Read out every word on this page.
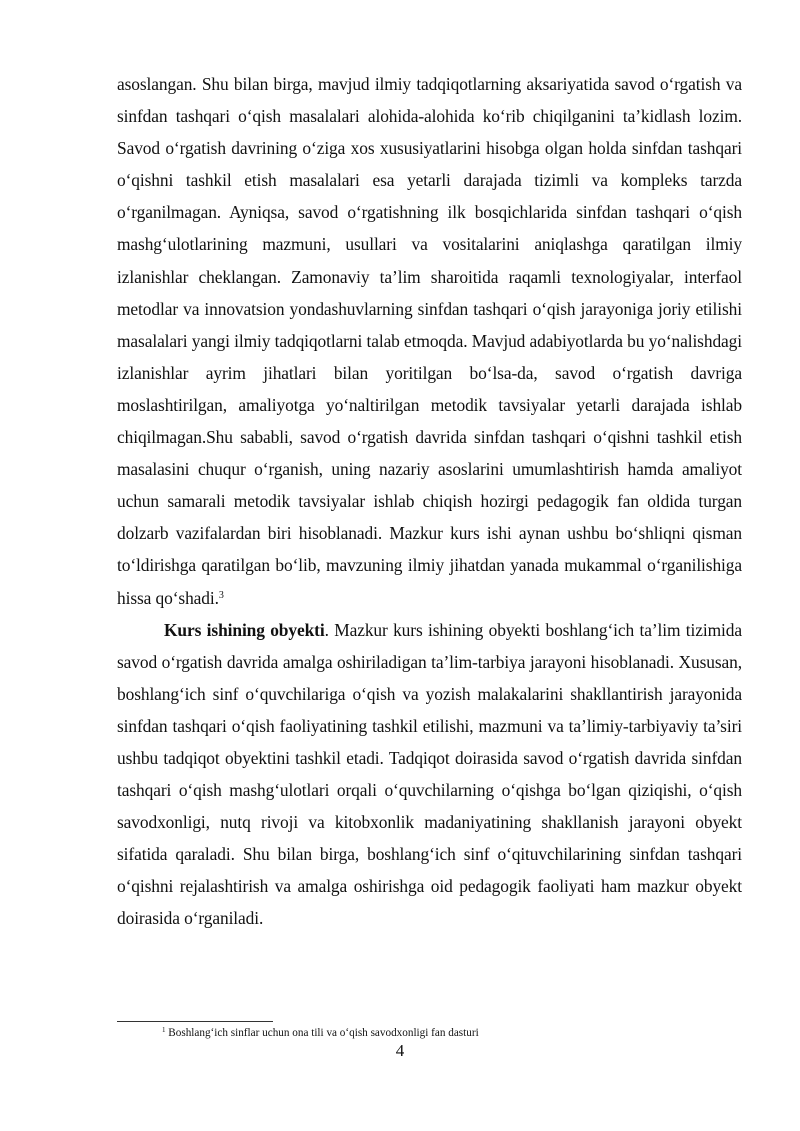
asoslangan. Shu bilan birga, mavjud ilmiy tadqiqotlarning aksariyatida savod oʻrgatish va sinfdan tashqari oʻqish masalalari alohida-alohida koʻrib chiqilganini ta’kidlash lozim. Savod oʻrgatish davrining oʻziga xos xususiyatlarini hisobga olgan holda sinfdan tashqari oʻqishni tashkil etish masalalari esa yetarli darajada tizimli va kompleks tarzda oʻrganilmagan. Ayniqsa, savod oʻrgatishning ilk bosqichlarida sinfdan tashqari oʻqish mashgʻulotlarining mazmuni, usullari va vositalarini aniqlashga qaratilgan ilmiy izlanishlar cheklangan. Zamonaviy ta’lim sharoitida raqamli texnologiyalar, interfaol metodlar va innovatsion yondashuvlarning sinfdan tashqari oʻqish jarayoniga joriy etilishi masalalari yangi ilmiy tadqiqotlarni talab etmoqda. Mavjud adabiyotlarda bu yoʻnalishdagi izlanishlar ayrim jihatlari bilan yoritilgan boʻlsa-da, savod oʻrgatish davriga moslashtirilgan, amaliyotga yoʻnaltirilgan metodik tavsiyalar yetarli darajada ishlab chiqilmagan.Shu sababli, savod oʻrgatish davrida sinfdan tashqari oʻqishni tashkil etish masalasini chuqur oʻrganish, uning nazariy asoslarini umumlashtirish hamda amaliyot uchun samarali metodik tavsiyalar ishlab chiqish hozirgi pedagogik fan oldida turgan dolzarb vazifalardan biri hisoblanadi. Mazkur kurs ishi aynan ushbu boʻshliqni qisman toʻldirishga qaratilgan boʻlib, mavzuning ilmiy jihatdan yanada mukammal oʻrganilishiga hissa qoʻshadi.$^3$

Kurs ishining obyekti. Mazkur kurs ishining obyekti boshlangʻich ta’lim tizimida savod oʻrgatish davrida amalga oshiriladigan ta’lim-tarbiya jarayoni hisoblanadi. Xususan, boshlangʻich sinf oʻquvchilariga oʻqish va yozish malakalarini shakllantirish jarayonida sinfdan tashqari oʻqish faoliyatining tashkil etilishi, mazmuni va ta’limiy-tarbiyaviy ta’siri ushbu tadqiqot obyektini tashkil etadi. Tadqiqot doirasida savod oʻrgatish davrida sinfdan tashqari oʻqish mashgʻulotlari orqali oʻquvchilarning oʻqishga boʻlgan qiziqishi, oʻqish savodxonligi, nutq rivoji va kitobxonlik madaniyatining shakllanish jarayoni obyekt sifatida qaraladi. Shu bilan birga, boshlangʻich sinf oʻqituvchilarining sinfdan tashqari oʻqishni rejalashtirish va amalga oshirishga oid pedagogik faoliyati ham mazkur obyekt doirasida oʻrganiladi.

$^1$ Boshlangʻich sinflar uchun ona tili va oʻqish savodxonligi fan dasturi
4
